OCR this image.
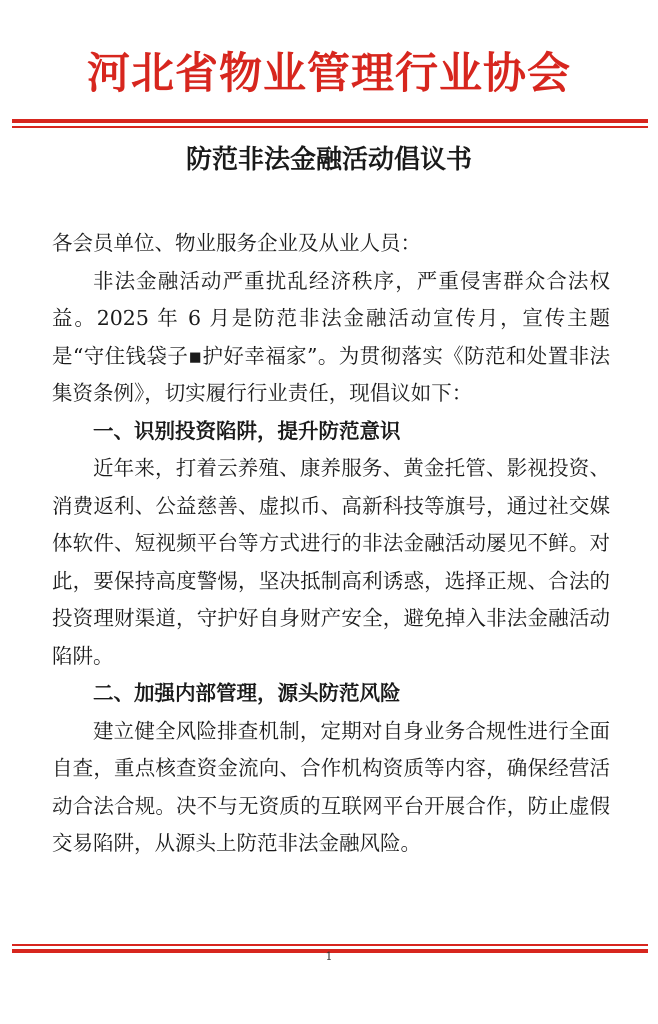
河北省物业管理行业协会
防范非法金融活动倡议书

各会员单位、物业服务企业及从业人员：

非法金融活动严重扰乱经济秩序，严重侵害群众合法权益。2025 年 6 月是防范非法金融活动宣传月，宣传主题是“守住钱袋子▪护好幸福家”。为贯彻落实《防范和处置非法集资条例》，切实履行行业责任，现倡议如下：

一、识别投资陷阱，提升防范意识

近年来，打着云养殖、康养服务、黄金托管、影视投资、消费返利、公益慈善、虚拟币、高新科技等旗号，通过社交媒体软件、短视频平台等方式进行的非法金融活动屡见不鲜。对此，要保持高度警惕，坚决抵制高利诱惑，选择正规、合法的投资理财渠道，守护好自身财产安全，避免掉入非法金融活动陷阱。

二、加强内部管理，源头防范风险

建立健全风险排查机制，定期对自身业务合规性进行全面自查，重点核查资金流向、合作机构资质等内容，确保经营活动合法合规。决不与无资质的互联网平台开展合作，防止虚假交易陷阱，从源头上防范非法金融风险。

1
